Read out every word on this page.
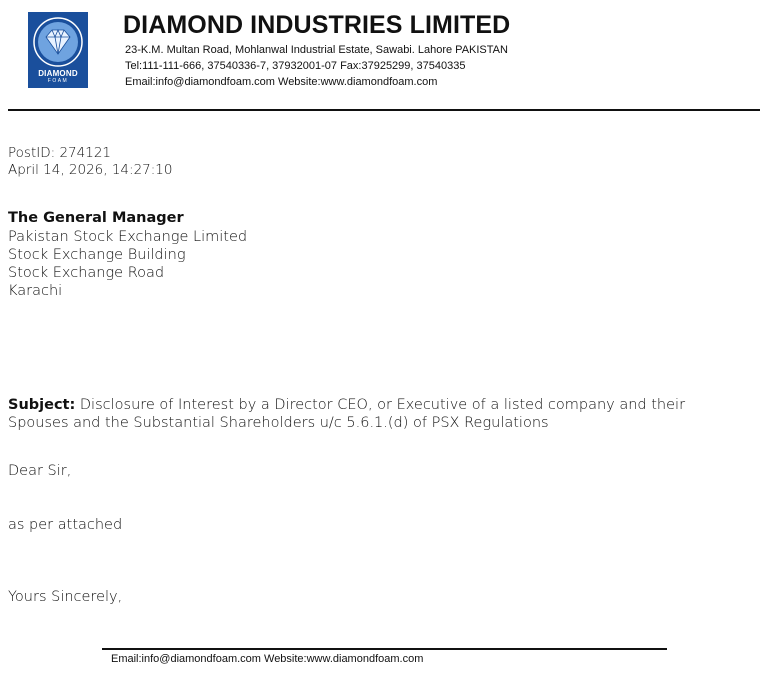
DIAMOND
FOAM
DIAMOND INDUSTRIES LIMITED
23-K.M. Multan Road, Mohlanwal Industrial Estate, Sawabi. Lahore PAKISTAN
Tel:111-111-666, 37540336-7, 37932001-07 Fax:37925299, 37540335
Email:info@diamondfoam.com Website:www.diamondfoam.com
PostID: 274121
April 14, 2026, 14:27:10
The General Manager
Pakistan Stock Exchange Limited
Stock Exchange Building
Stock Exchange Road
Karachi
Subject: Disclosure of Interest by a Director CEO, or Executive of a listed company and their Spouses and the Substantial Shareholders u/c 5.6.1.(d) of PSX Regulations
Dear Sir,
as per attached
Yours Sincerely,
Email:info@diamondfoam.com Website:www.diamondfoam.com
